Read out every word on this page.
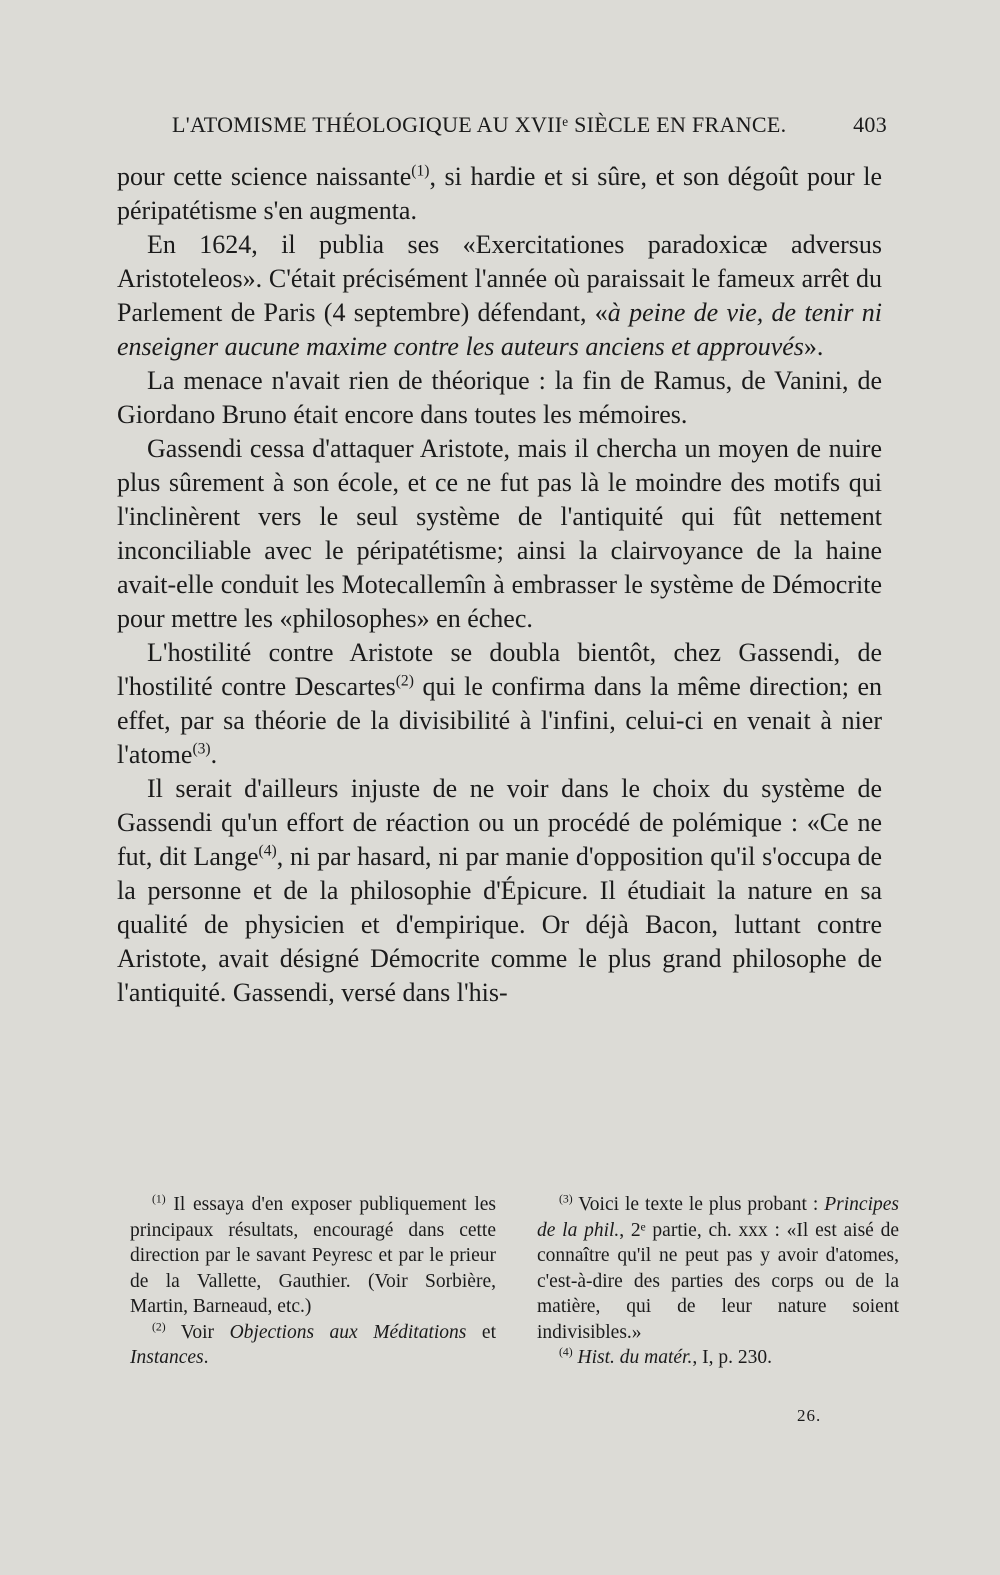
L'ATOMISME THÉOLOGIQUE AU XVIIᵉ SIÈCLE EN FRANCE.	403

pour cette science naissante$^{(1)}$, si hardie et si sûre, et son dégoût pour le péripatétisme s'en augmenta.

En 1624, il publia ses «Exercitationes paradoxicæ adversus Aristoteleos». C'était précisément l'année où paraissait le fameux arrêt du Parlement de Paris (4 septembre) défendant, «à peine de vie, de tenir ni enseigner aucune maxime contre les auteurs anciens et approuvés».

La menace n'avait rien de théorique : la fin de Ramus, de Vanini, de Giordano Bruno était encore dans toutes les mémoires.

Gassendi cessa d'attaquer Aristote, mais il chercha un moyen de nuire plus sûrement à son école, et ce ne fut pas là le moindre des motifs qui l'inclinèrent vers le seul système de l'antiquité qui fût nettement inconciliable avec le péripatétisme; ainsi la clairvoyance de la haine avait-elle conduit les Motecallemîn à embrasser le système de Démocrite pour mettre les «philosophes» en échec.

L'hostilité contre Aristote se doubla bientôt, chez Gassendi, de l'hostilité contre Descartes$^{(2)}$ qui le confirma dans la même direction; en effet, par sa théorie de la divisibilité à l'infini, celui-ci en venait à nier l'atome$^{(3)}$.

Il serait d'ailleurs injuste de ne voir dans le choix du système de Gassendi qu'un effort de réaction ou un procédé de polémique : «Ce ne fut, dit Lange$^{(4)}$, ni par hasard, ni par manie d'opposition qu'il s'occupa de la personne et de la philosophie d'Épicure. Il étudiait la nature en sa qualité de physicien et d'empirique. Or déjà Bacon, luttant contre Aristote, avait désigné Démocrite comme le plus grand philosophe de l'antiquité. Gassendi, versé dans l'his-

$^{(1)}$ Il essaya d'en exposer publiquement les principaux résultats, encouragé dans cette direction par le savant Peyresc et par le prieur de la Vallette, Gauthier. (Voir Sorbière, Martin, Barneaud, etc.)

$^{(2)}$ Voir Objections aux Méditations et Instances.

$^{(3)}$ Voici le texte le plus probant : Principes de la phil., 2ᵉ partie, ch. xxx : «Il est aisé de connaître qu'il ne peut pas y avoir d'atomes, c'est-à-dire des parties des corps ou de la matière, qui de leur nature soient indivisibles.»

$^{(4)}$ Hist. du matér., I, p. 230.

26.
